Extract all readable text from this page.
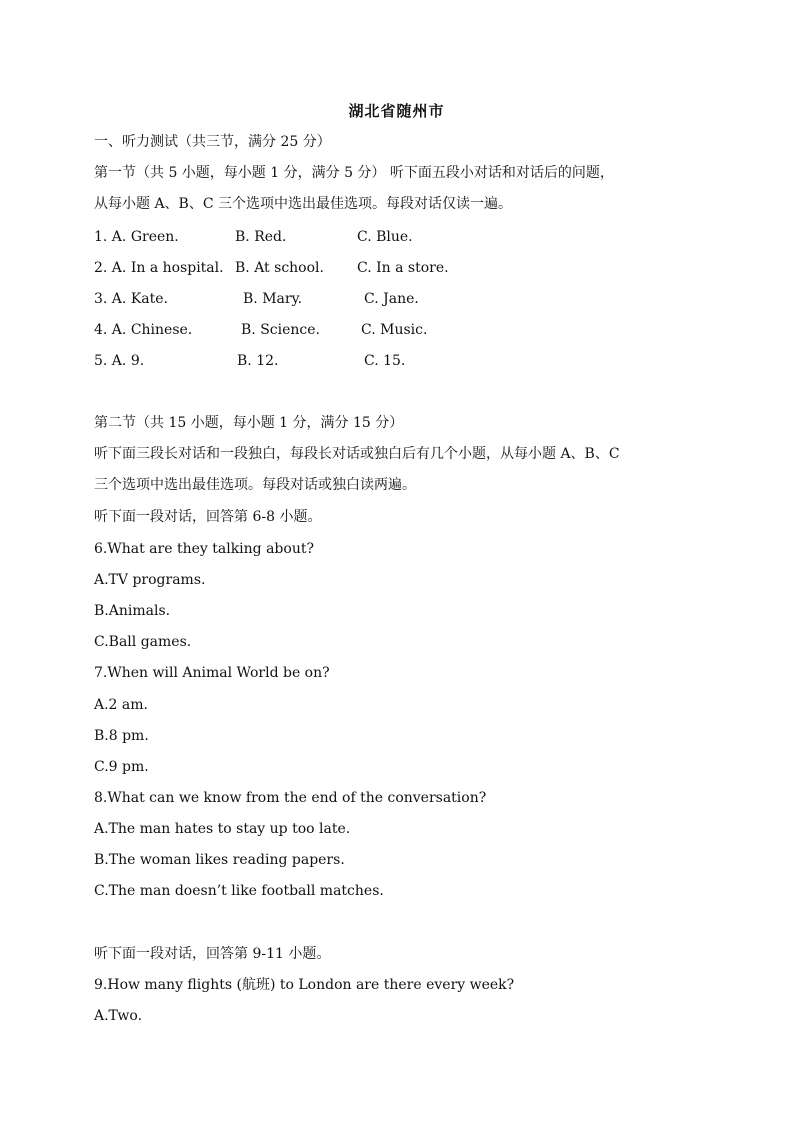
湖北省随州市
一、听力测试（共三节，满分 25 分）
第一节（共 5 小题，每小题 1 分，满分 5 分） 听下面五段小对话和对话后的问题，
从每小题 A、B、C 三个选项中选出最佳选项。每段对话仅读一遍。
1. A. Green.	B. Red.	C. Blue.
2. A. In a hospital. B. At school. C. In a store.
3. A. Kate.	B. Mary.	C. Jane.
4. A. Chinese.	B. Science.	C. Music.
5. A. 9.	B. 12.	C. 15.
第二节（共 15 小题，每小题 1 分，满分 15 分）
听下面三段长对话和一段独白，每段长对话或独白后有几个小题，从每小题 A、B、C
三个选项中选出最佳选项。每段对话或独白读两遍。
听下面一段对话，回答第 6-8 小题。
6.What are they talking about?
A.TV programs.
B.Animals.
C.Ball games.
7.When will Animal World be on?
A.2 am.
B.8 pm.
C.9 pm.
8.What can we know from the end of the conversation?
A.The man hates to stay up too late.
B.The woman likes reading papers.
C.The man doesn’t like football matches.
听下面一段对话，回答第 9-11 小题。
9.How many flights (航班) to London are there every week?
A.Two.
